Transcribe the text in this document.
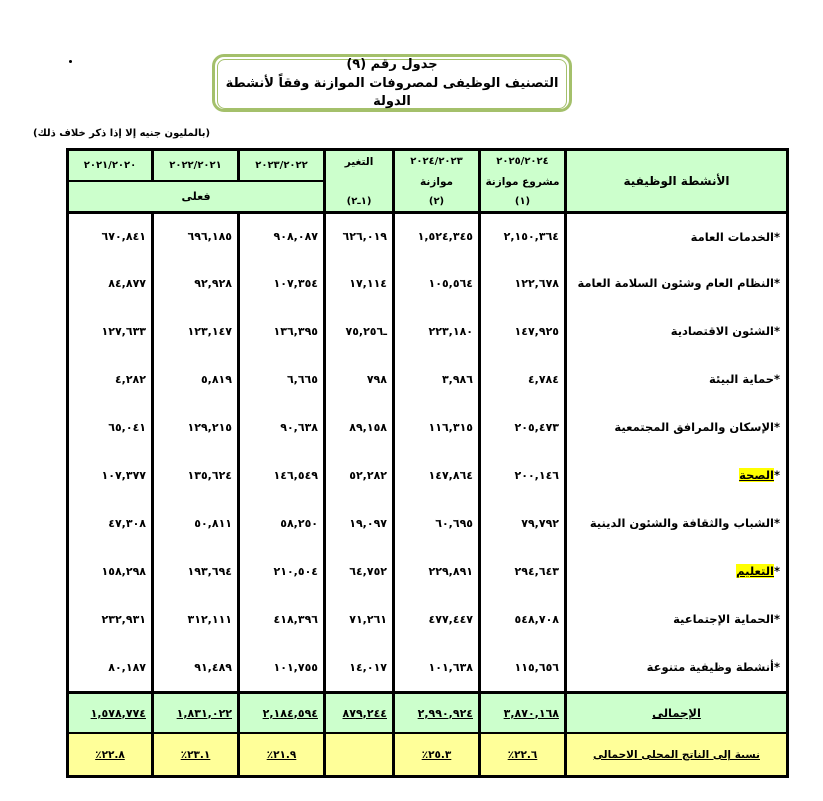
جدول رقم (٩)
التصنيف الوظيفى لمصروفات الموازنة وفقاً لأنشطة الدولة
(بالمليون جنيه إلا إذا ذكر خلاف ذلك)
الأنشطة الوظيفية
٢٠٢٥/٢٠٢٤
مشروع موازنة
(١)
٢٠٢٤/٢٠٢٣
موازنة
(٢)
التغير
(٢ـ١)
٢٠٢٣/٢٠٢٢
٢٠٢٢/٢٠٢١
٢٠٢١/٢٠٢٠
فعلى
*
الخدمات العامة
٢,١٥٠,٣٦٤
١,٥٢٤,٣٤٥
٦٢٦,٠١٩
٩٠٨,٠٨٧
٦٩٦,١٨٥
٦٧٠,٨٤١
*
النظام العام وشئون السلامة العامة
١٢٢,٦٧٨
١٠٥,٥٦٤
١٧,١١٤
١٠٧,٣٥٤
٩٢,٩٢٨
٨٤,٨٧٧
*
الشئون الاقتصادية
١٤٧,٩٢٥
٢٢٣,١٨٠
٧٥,٢٥٦ـ
١٣٦,٣٩٥
١٢٣,١٤٧
١٢٧,٦٣٣
*
حماية البيئة
٤,٧٨٤
٣,٩٨٦
٧٩٨
٦,٦٦٥
٥,٨١٩
٤,٢٨٢
*
الإسكان والمرافق المجتمعية
٢٠٥,٤٧٣
١١٦,٣١٥
٨٩,١٥٨
٩٠,٦٣٨
١٢٩,٢١٥
٦٥,٠٤١
*
الصحة
٢٠٠,١٤٦
١٤٧,٨٦٤
٥٢,٢٨٢
١٤٦,٥٤٩
١٣٥,٦٢٤
١٠٧,٣٧٧
*
الشباب والثقافة والشئون الدينية
٧٩,٧٩٢
٦٠,٦٩٥
١٩,٠٩٧
٥٨,٢٥٠
٥٠,٨١١
٤٧,٣٠٨
*
التعليم
٢٩٤,٦٤٣
٢٢٩,٨٩١
٦٤,٧٥٢
٢١٠,٥٠٤
١٩٣,٦٩٤
١٥٨,٢٩٨
*
الحماية الإجتماعية
٥٤٨,٧٠٨
٤٧٧,٤٤٧
٧١,٢٦١
٤١٨,٣٩٦
٣١٢,١١١
٢٣٢,٩٣١
*
أنشطة وظيفية متنوعة
١١٥,٦٥٦
١٠١,٦٣٨
١٤,٠١٧
١٠١,٧٥٥
٩١,٤٨٩
٨٠,١٨٧
الإجمالى
٣,٨٧٠,١٦٨
٢,٩٩٠,٩٢٤
٨٧٩,٢٤٤
٢,١٨٤,٥٩٤
١,٨٣١,٠٢٢
١,٥٧٨,٧٧٤
نسبة إلى الناتج المحلى الاجمالى
٪٢٢.٦
٪٢٥.٣
٪٢١.٩
٪٢٣.١
٪٢٢.٨
